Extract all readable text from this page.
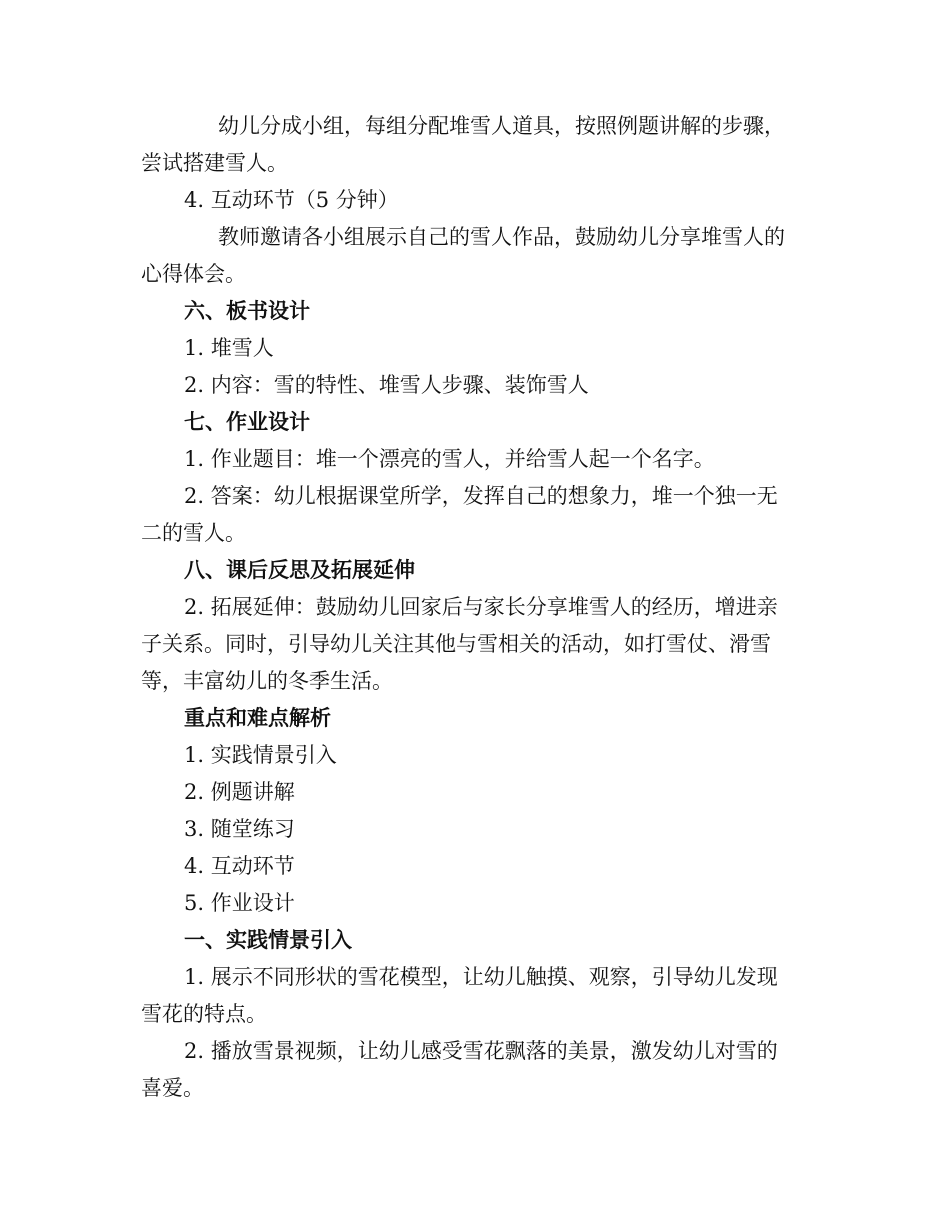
幼儿分成小组，每组分配堆雪人道具，按照例题讲解的步骤，
尝试搭建雪人。
4. 互动环节（5 分钟）
教师邀请各小组展示自己的雪人作品，鼓励幼儿分享堆雪人的
心得体会。
六、板书设计
1. 堆雪人
2. 内容：雪的特性、堆雪人步骤、装饰雪人
七、作业设计
1. 作业题目：堆一个漂亮的雪人，并给雪人起一个名字。
2. 答案：幼儿根据课堂所学，发挥自己的想象力，堆一个独一无
二的雪人。
八、课后反思及拓展延伸
2. 拓展延伸：鼓励幼儿回家后与家长分享堆雪人的经历，增进亲
子关系。同时，引导幼儿关注其他与雪相关的活动，如打雪仗、滑雪
等，丰富幼儿的冬季生活。
重点和难点解析
1. 实践情景引入
2. 例题讲解
3. 随堂练习
4. 互动环节
5. 作业设计
一、实践情景引入
1. 展示不同形状的雪花模型，让幼儿触摸、观察，引导幼儿发现
雪花的特点。
2. 播放雪景视频，让幼儿感受雪花飘落的美景，激发幼儿对雪的
喜爱。
